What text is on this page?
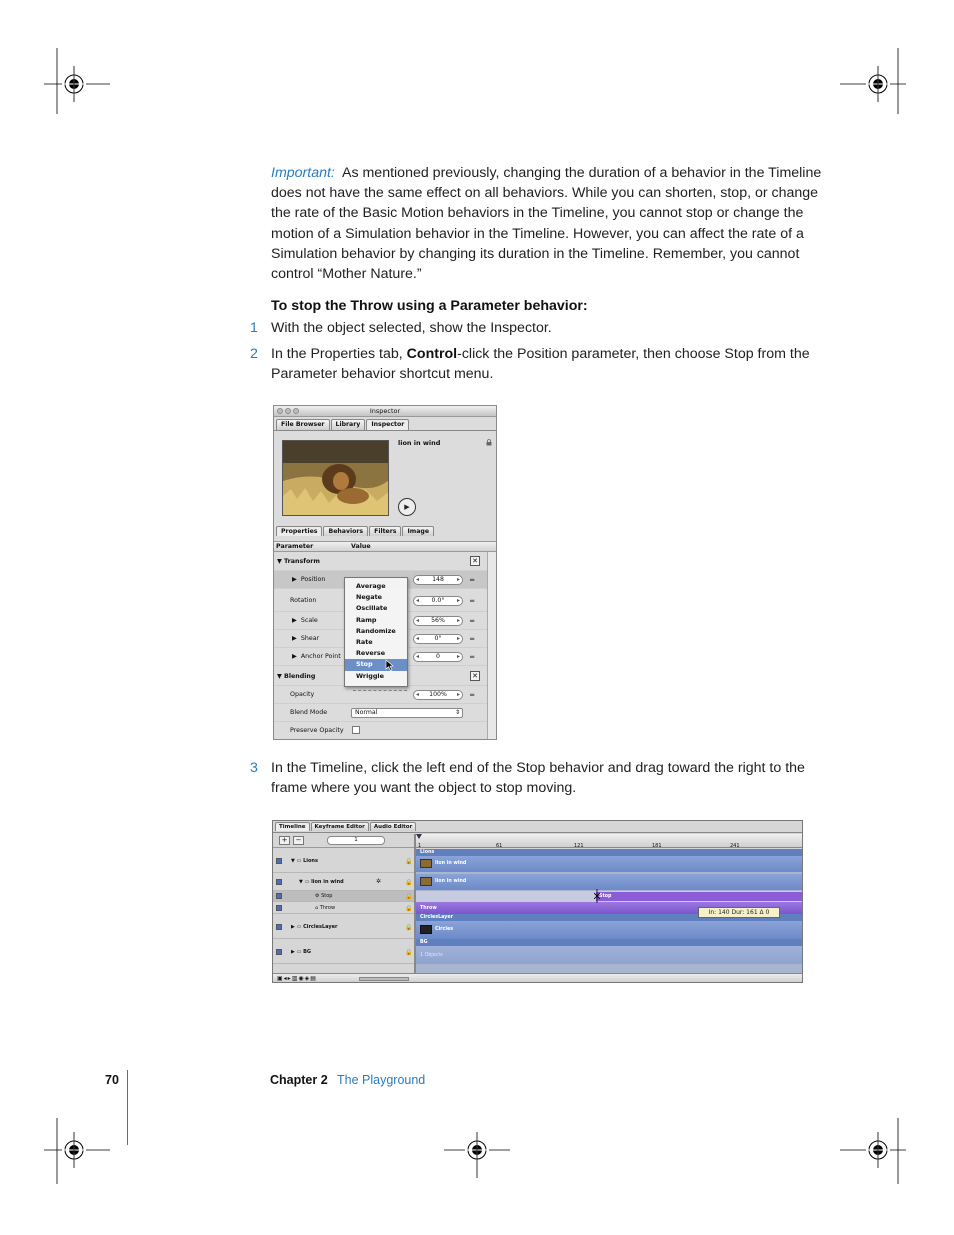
Important: As mentioned previously, changing the duration of a behavior in the Timeline does not have the same effect on all behaviors. While you can shorten, stop, or change the rate of the Basic Motion behaviors in the Timeline, you cannot stop or change the motion of a Simulation behavior in the Timeline. However, you can affect the rate of a Simulation behavior by changing its duration in the Timeline. Remember, you cannot control “Mother Nature.”

To stop the Throw using a Parameter behavior:
1 With the object selected, show the Inspector.
2 In the Properties tab, Control-click the Position parameter, then choose Stop from the Parameter behavior shortcut menu.
Inspector
File Browser	Library	Inspector
lion in wind
▶
Properties	Behaviors	Filters	Image
Parameter	Value
▼ Transform	✕
▶  Position	◂ 148 ▸	═
Rotation	◂ 0.0° ▸	═
▶  Scale	◂ 56% ▸	═
▶  Shear	◂ 0° ▸	═
▶  Anchor Point	◂ 0 ▸	═
▼ Blending	✕
Opacity	◂ 100% ▸	═
Blend Mode	Normal ⇕
Preserve Opacity
Average
Negate
Oscillate
Ramp
Randomize
Rate
Reverse
Stop
Wriggle
3 In the Timeline, click the left end of the Stop behavior and drag toward the right to the frame where you want the object to stop moving.
Timeline	Keyframe Editor	Audio Editor
+	−	1
1	61	121	181	241
▼ ▭ Lions	🔒
▼ ▭ lion in wind	✲	🔒
⚙ Stop	🔒
⌂ Throw	🔒
▶ ▭ CirclesLayer	🔒
▶ ▭ BG	🔒
Lions
lion in wind
lion in wind
Stop
Throw
CirclesLayer
Circles
BG
1 Objects
In: 140 Dur: 161 Δ 0
▣◂▸▥◉◈▤
70	Chapter 2 The Playground
